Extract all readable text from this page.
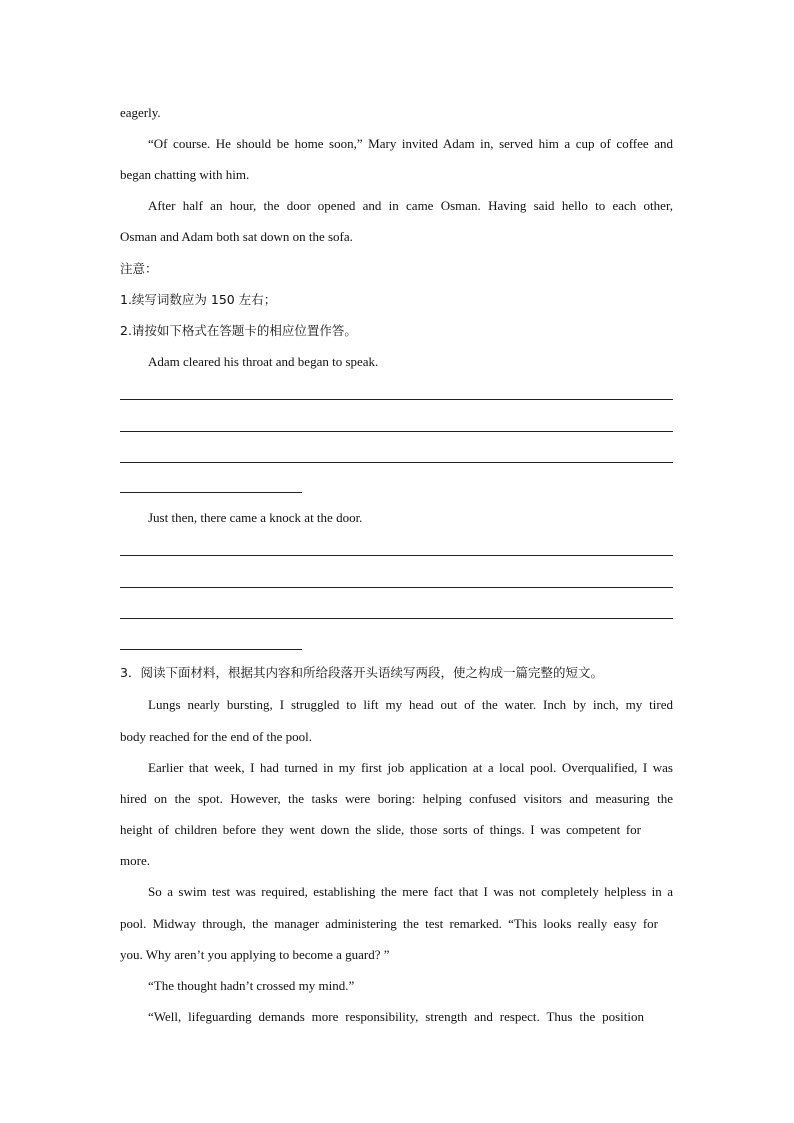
eagerly.
“Of course. He should be home soon,” Mary invited Adam in, served him a cup of coffee and
began chatting with him.
After half an hour, the door opened and in came Osman. Having said hello to each other,
Osman and Adam both sat down on the sofa.
注意：
1.续写词数应为 150 左右；
2.请按如下格式在答题卡的相应位置作答。
Adam cleared his throat and began to speak.
Just then, there came a knock at the door.
3．阅读下面材料，根据其内容和所给段落开头语续写两段，使之构成一篇完整的短文。
Lungs nearly bursting, I struggled to lift my head out of the water. Inch by inch, my tired
body reached for the end of the pool.
Earlier that week, I had turned in my first job application at a local pool. Overqualified, I was
hired on the spot. However, the tasks were boring: helping confused visitors and measuring the
height of children before they went down the slide, those sorts of things. I was competent for
more.
So a swim test was required, establishing the mere fact that I was not completely helpless in a
pool. Midway through, the manager administering the test remarked. “This looks really easy for
you. Why aren’t you applying to become a guard? ”
“The thought hadn’t crossed my mind.”
“Well, lifeguarding demands more responsibility, strength and respect. Thus the position
